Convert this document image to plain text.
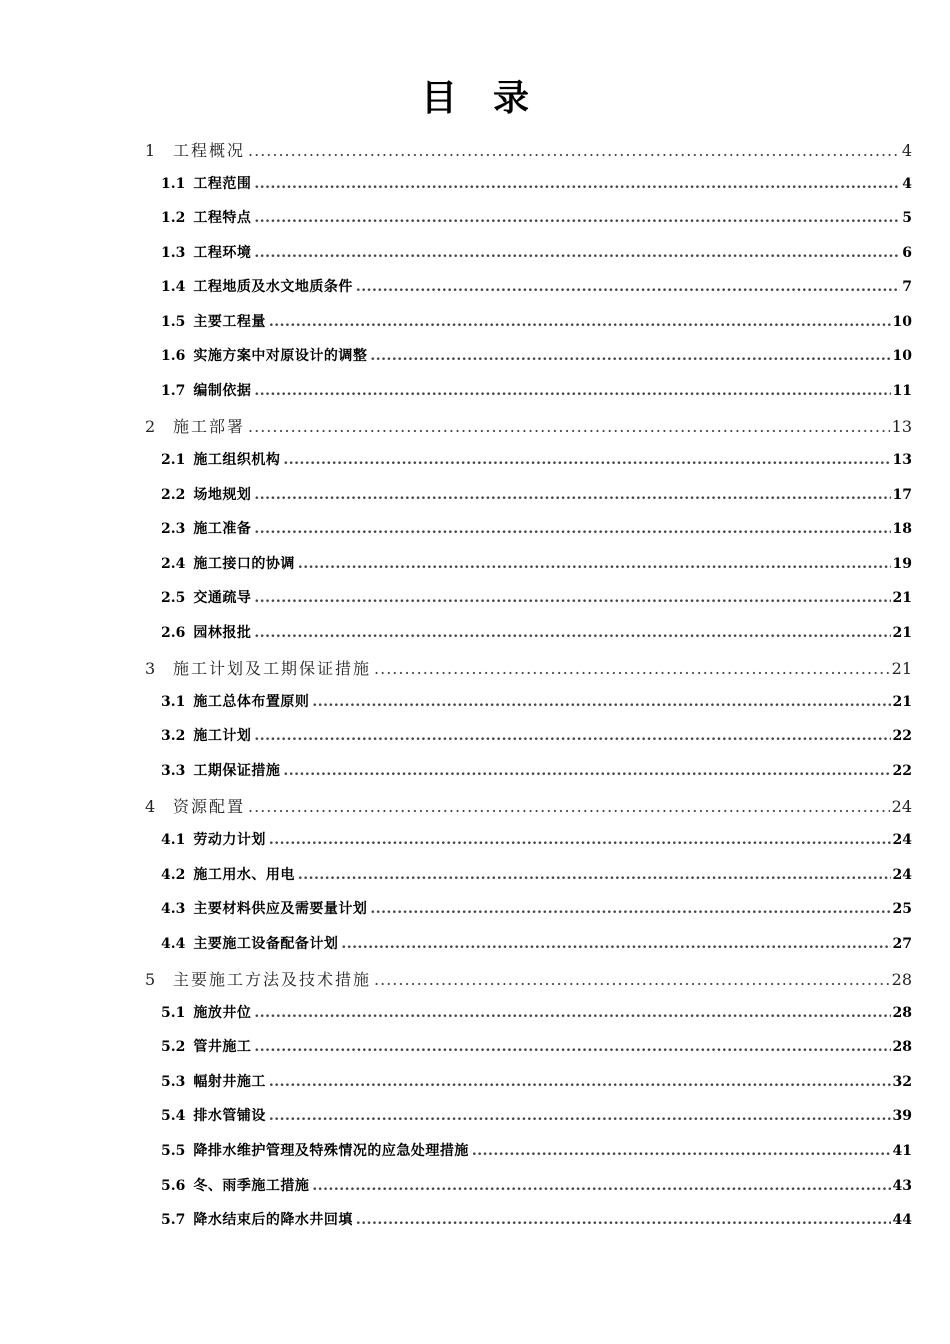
目　录
1	工程概况 .....	4
1.1 工程范围 .....	4
1.2 工程特点 .....	5
1.3 工程环境 .....	6
1.4 工程地质及水文地质条件 .....	7
1.5 主要工程量 .....	10
1.6 实施方案中对原设计的调整 .....	10
1.7 编制依据 .....	11
2	施工部署 .....	13
2.1 施工组织机构 .....	13
2.2 场地规划 .....	17
2.3 施工准备 .....	18
2.4 施工接口的协调 .....	19
2.5 交通疏导 .....	21
2.6 园林报批 .....	21
3	施工计划及工期保证措施 .....	21
3.1 施工总体布置原则 .....	21
3.2 施工计划 .....	22
3.3 工期保证措施 .....	22
4	资源配置 .....	24
4.1 劳动力计划 .....	24
4.2 施工用水、用电 .....	24
4.3 主要材料供应及需要量计划 .....	25
4.4 主要施工设备配备计划 .....	27
5	主要施工方法及技术措施 .....	28
5.1 施放井位 .....	28
5.2 管井施工 .....	28
5.3 幅射井施工 .....	32
5.4 排水管铺设 .....	39
5.5 降排水维护管理及特殊情况的应急处理措施 .....	41
5.6 冬、雨季施工措施 .....	43
5.7 降水结束后的降水井回填 .....	44
